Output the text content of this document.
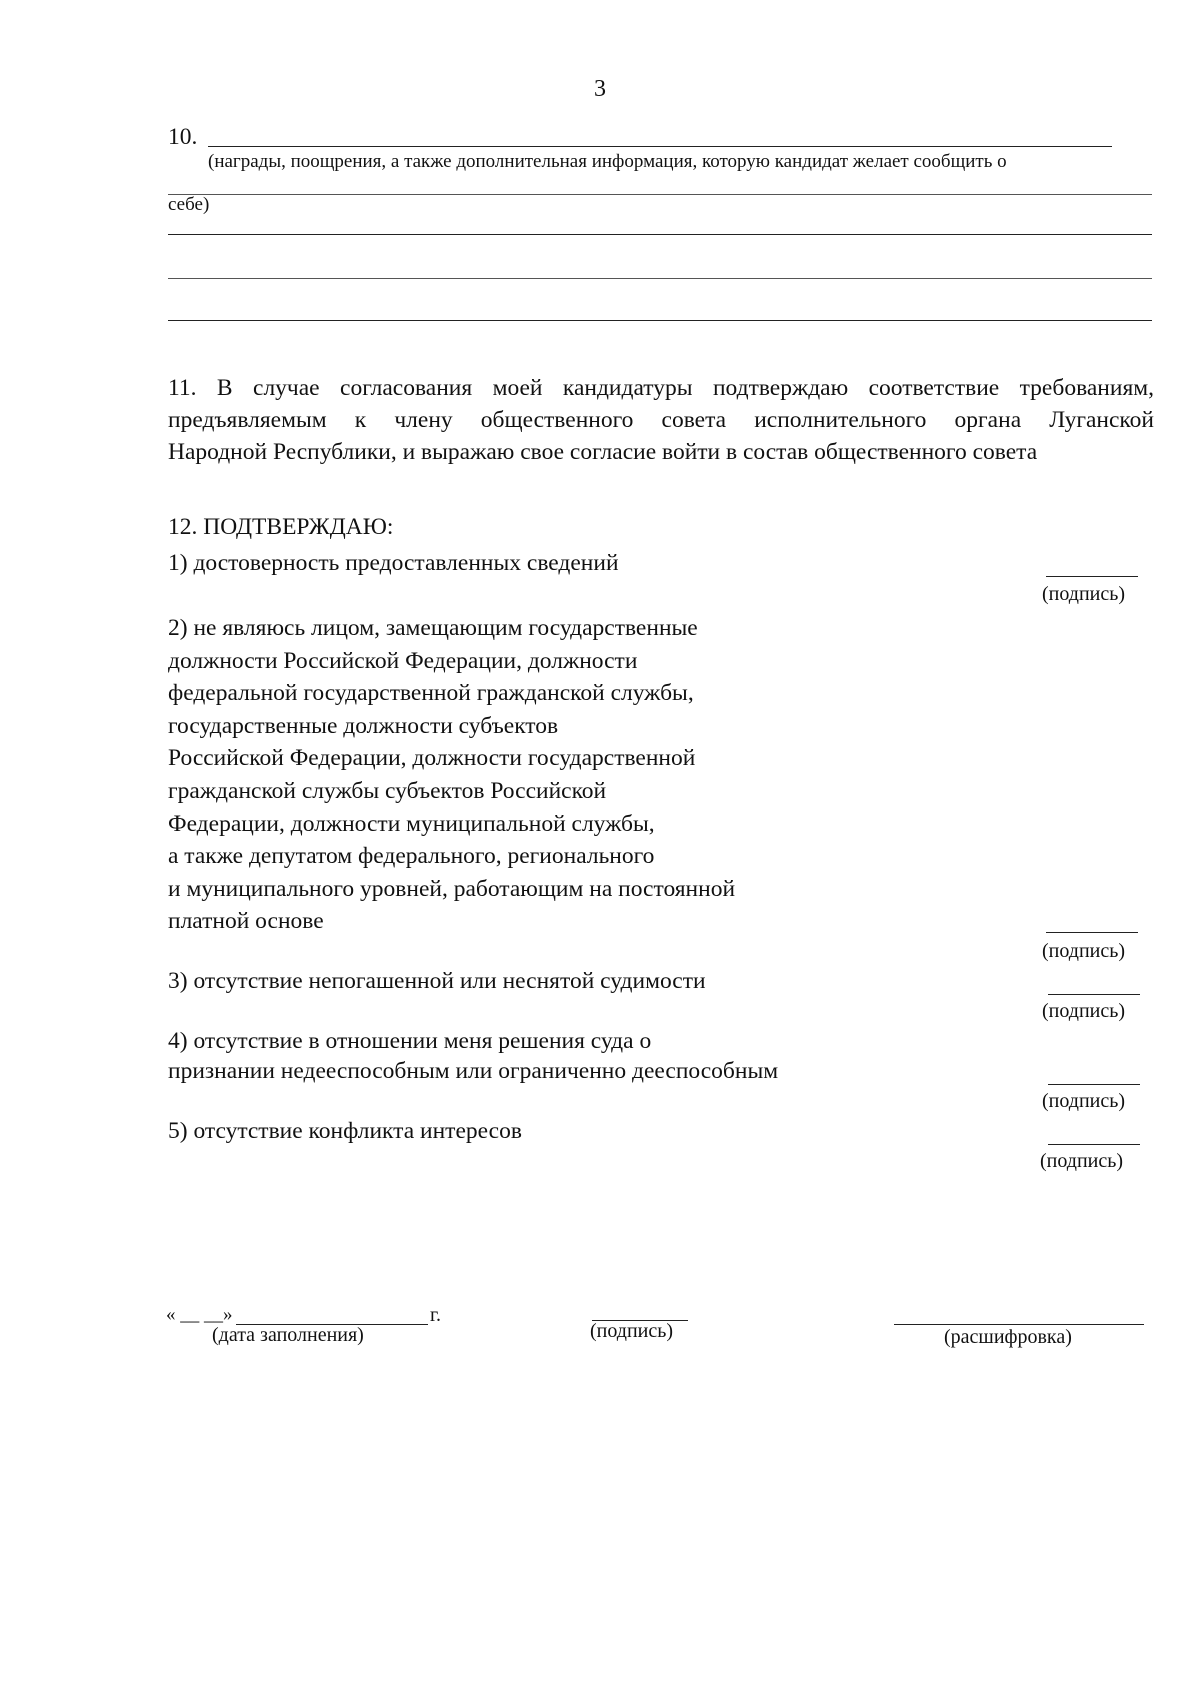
3
10.
(награды, поощрения, а также дополнительная информация, которую кандидат желает сообщить о
себе)
11. В случае согласования моей кандидатуры подтверждаю соответствие требованиям,
предъявляемым к члену общественного совета исполнительного органа Луганской
Народной Республики, и выражаю свое согласие войти в состав общественного совета
12. ПОДТВЕРЖДАЮ:
1) достоверность предоставленных сведений
(подпись)
2) не являюсь лицом, замещающим государственные
должности Российской Федерации, должности
федеральной государственной гражданской службы,
государственные должности субъектов
Российской Федерации, должности государственной
гражданской службы субъектов Российской
Федерации, должности муниципальной службы,
а также депутатом федерального, регионального
и муниципального уровней, работающим на постоянной
платной основе
(подпись)
3) отсутствие непогашенной или неснятой судимости
(подпись)
4) отсутствие в отношении меня решения суда о
признании недееспособным или ограниченно дееспособным
(подпись)
5) отсутствие конфликта интересов
(подпись)
« __ __»	г.
(дата заполнения)	(подпись)	(расшифровка)
